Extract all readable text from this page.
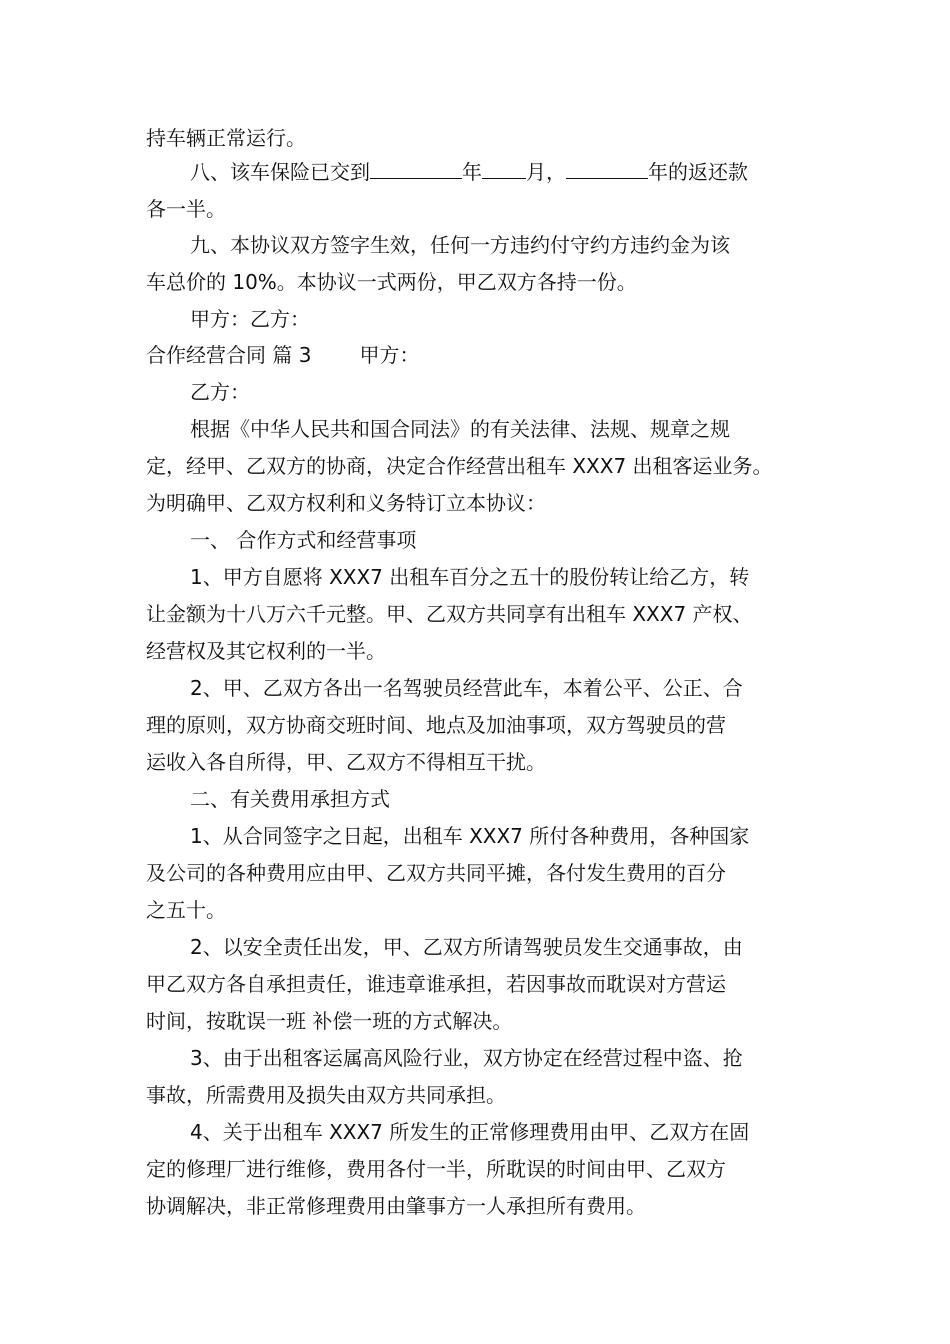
持车辆正常运行。
八、该车保险已交到	年 月，	年的返还款
各一半。
九、本协议双方签字生效，任何一方违约付守约方违约金为该
车总价的 10%。本协议一式两份，甲乙双方各持一份。
甲方：乙方：
合作经营合同 篇 3 甲方：
乙方：
根据《中华人民共和国合同法》的有关法律、法规、规章之规
定，经甲、乙双方的协商，决定合作经营出租车 XXX7 出租客运业务。
为明确甲、乙双方权利和义务特订立本协议：
一、 合作方式和经营事项
1、甲方自愿将 XXX7 出租车百分之五十的股份转让给乙方，转
让金额为十八万六千元整。甲、乙双方共同享有出租车 XXX7 产权、
经营权及其它权利的一半。
2、甲、乙双方各出一名驾驶员经营此车，本着公平、公正、合
理的原则，双方协商交班时间、地点及加油事项，双方驾驶员的营
运收入各自所得，甲、乙双方不得相互干扰。
二、有关费用承担方式
1、从合同签字之日起，出租车 XXX7 所付各种费用，各种国家
及公司的各种费用应由甲、乙双方共同平摊，各付发生费用的百分
之五十。
2、以安全责任出发，甲、乙双方所请驾驶员发生交通事故，由
甲乙双方各自承担责任，谁违章谁承担，若因事故而耽误对方营运
时间，按耽误一班 补偿一班的方式解决。
3、由于出租客运属高风险行业，双方协定在经营过程中盗、抢
事故，所需费用及损失由双方共同承担。
4、关于出租车 XXX7 所发生的正常修理费用由甲、乙双方在固
定的修理厂进行维修，费用各付一半，所耽误的时间由甲、乙双方
协调解决，非正常修理费用由肇事方一人承担所有费用。
